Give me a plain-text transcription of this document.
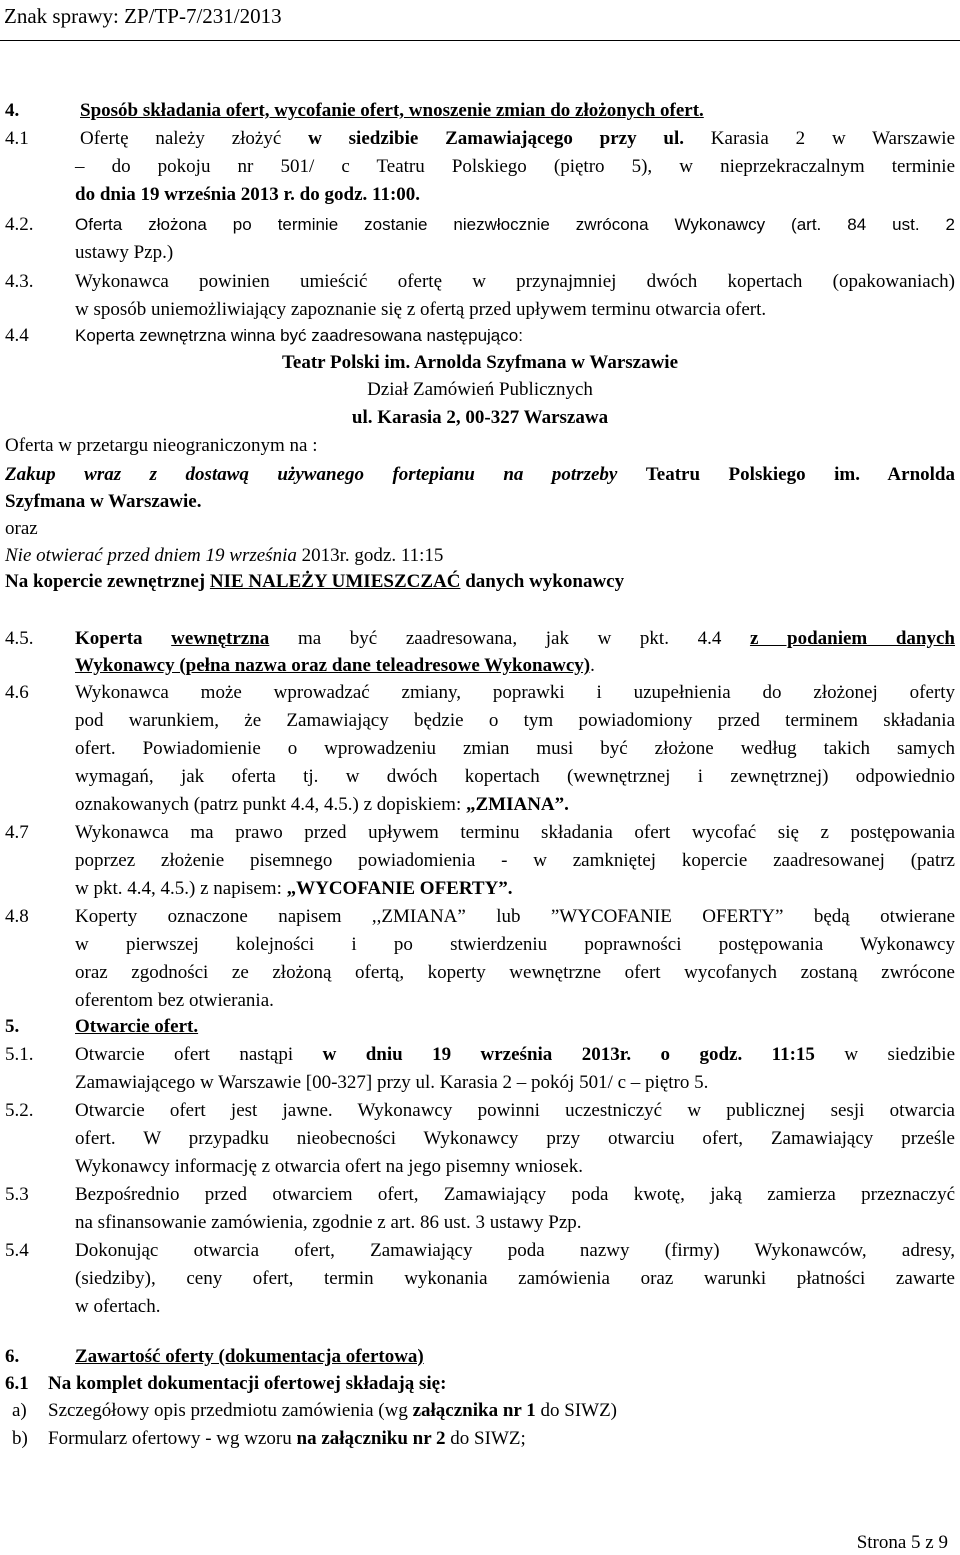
Znak sprawy: ZP/TP-7/231/2013
4.	Sposób składania ofert, wycofanie ofert, wnoszenie zmian do złożonych ofert.
4.1	Ofertę należy złożyć w siedzibie Zamawiającego przy ul. Karasia 2 w Warszawie
– do pokoju nr 501/ c Teatru Polskiego (piętro 5), w nieprzekraczalnym terminie
do dnia 19 września 2013 r. do godz. 11:00.
4.2. Oferta złożona po terminie zostanie niezwłocznie zwrócona Wykonawcy (art. 84 ust. 2
ustawy Pzp.)
4.3. Wykonawca powinien umieścić ofertę w przynajmniej dwóch kopertach (opakowaniach)
w sposób uniemożliwiający zapoznanie się z ofertą przed upływem terminu otwarcia ofert.
4.4	Koperta zewnętrzna winna być zaadresowana następująco:
Teatr Polski im. Arnolda Szyfmana w Warszawie
Dział Zamówień Publicznych
ul. Karasia 2, 00-327 Warszawa
Oferta w przetargu nieograniczonym na :
Zakup wraz z dostawą używanego fortepianu na potrzeby Teatru Polskiego im. Arnolda
Szyfmana w Warszawie.
oraz
Nie otwierać przed dniem 19 września 2013r. godz. 11:15
Na kopercie zewnętrznej NIE NALEŻY UMIESZCZAĆ danych wykonawcy
4.5. Koperta wewnętrzna ma być zaadresowana, jak w pkt. 4.4 z podaniem danych
Wykonawcy (pełna nazwa oraz dane teleadresowe Wykonawcy).
4.6 Wykonawca może wprowadzać zmiany, poprawki i uzupełnienia do złożonej oferty
pod warunkiem, że Zamawiający będzie o tym powiadomiony przed terminem składania
ofert. Powiadomienie o wprowadzeniu zmian musi być złożone według takich samych
wymagań, jak oferta tj. w dwóch kopertach (wewnętrznej i zewnętrznej) odpowiednio
oznakowanych (patrz punkt 4.4, 4.5.) z dopiskiem: „ZMIANA”.
4.7 Wykonawca ma prawo przed upływem terminu składania ofert wycofać się z postępowania
poprzez złożenie pisemnego powiadomienia - w zamkniętej kopercie zaadresowanej (patrz
w pkt. 4.4, 4.5.) z napisem: „WYCOFANIE OFERTY”.
4.8 Koperty oznaczone napisem ,,ZMIANA” lub ”WYCOFANIE OFERTY” będą otwierane
w pierwszej kolejności i po stwierdzeniu poprawności postępowania Wykonawcy
oraz zgodności ze złożoną ofertą, koperty wewnętrzne ofert wycofanych zostaną zwrócone
oferentom bez otwierania.
5.	Otwarcie ofert.
5.1. Otwarcie ofert nastąpi w dniu 19 września 2013r. o godz. 11:15 w siedzibie
Zamawiającego w Warszawie [00-327] przy ul. Karasia 2 – pokój 501/ c – piętro 5.
5.2. Otwarcie ofert jest jawne. Wykonawcy powinni uczestniczyć w publicznej sesji otwarcia
ofert. W przypadku nieobecności Wykonawcy przy otwarciu ofert, Zamawiający prześle
Wykonawcy informację z otwarcia ofert na jego pisemny wniosek.
5.3 Bezpośrednio przed otwarciem ofert, Zamawiający poda kwotę, jaką zamierza przeznaczyć
na sfinansowanie zamówienia, zgodnie z art. 86 ust. 3 ustawy Pzp.
5.4 Dokonując otwarcia ofert, Zamawiający poda nazwy (firmy) Wykonawców, adresy,
(siedziby), ceny ofert, termin wykonania zamówienia oraz warunki płatności zawarte
w ofertach.
6.	Zawartość oferty (dokumentacja ofertowa)
6.1 Na komplet dokumentacji ofertowej składają się:
a) Szczegółowy opis przedmiotu zamówienia (wg załącznika nr 1 do SIWZ)
b) Formularz ofertowy - wg wzoru na załączniku nr 2 do SIWZ;
Strona 5 z 9
